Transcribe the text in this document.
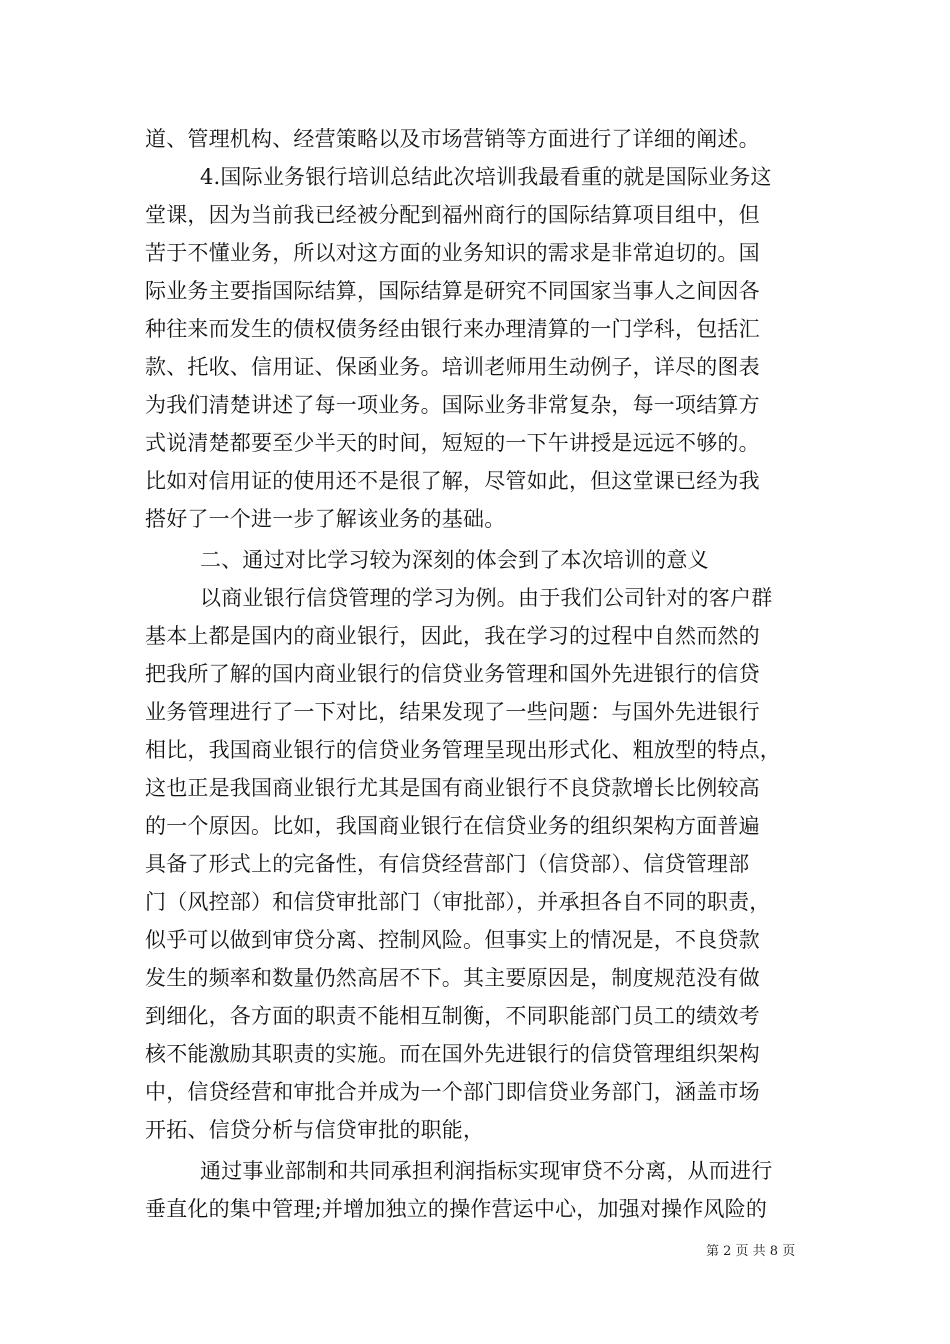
道、管理机构、经营策略以及市场营销等方面进行了详细的阐述。
4.国际业务银行培训总结此次培训我最看重的就是国际业务这
堂课，因为当前我已经被分配到福州商行的国际结算项目组中，但
苦于不懂业务，所以对这方面的业务知识的需求是非常迫切的。国
际业务主要指国际结算，国际结算是研究不同国家当事人之间因各
种往来而发生的债权债务经由银行来办理清算的一门学科，包括汇
款、托收、信用证、保函业务。培训老师用生动例子，详尽的图表
为我们清楚讲述了每一项业务。国际业务非常复杂，每一项结算方
式说清楚都要至少半天的时间，短短的一下午讲授是远远不够的。
比如对信用证的使用还不是很了解，尽管如此，但这堂课已经为我
搭好了一个进一步了解该业务的基础。
二、通过对比学习较为深刻的体会到了本次培训的意义
以商业银行信贷管理的学习为例。由于我们公司针对的客户群
基本上都是国内的商业银行，因此，我在学习的过程中自然而然的
把我所了解的国内商业银行的信贷业务管理和国外先进银行的信贷
业务管理进行了一下对比，结果发现了一些问题：与国外先进银行
相比，我国商业银行的信贷业务管理呈现出形式化、粗放型的特点，
这也正是我国商业银行尤其是国有商业银行不良贷款增长比例较高
的一个原因。比如，我国商业银行在信贷业务的组织架构方面普遍
具备了形式上的完备性，有信贷经营部门（信贷部）、信贷管理部
门（风控部）和信贷审批部门（审批部），并承担各自不同的职责，
似乎可以做到审贷分离、控制风险。但事实上的情况是，不良贷款
发生的频率和数量仍然高居不下。其主要原因是，制度规范没有做
到细化，各方面的职责不能相互制衡，不同职能部门员工的绩效考
核不能激励其职责的实施。而在国外先进银行的信贷管理组织架构
中，信贷经营和审批合并成为一个部门即信贷业务部门，涵盖市场
开拓、信贷分析与信贷审批的职能，
通过事业部制和共同承担利润指标实现审贷不分离，从而进行
垂直化的集中管理;并增加独立的操作营运中心，加强对操作风险的
第 2 页 共 8 页
